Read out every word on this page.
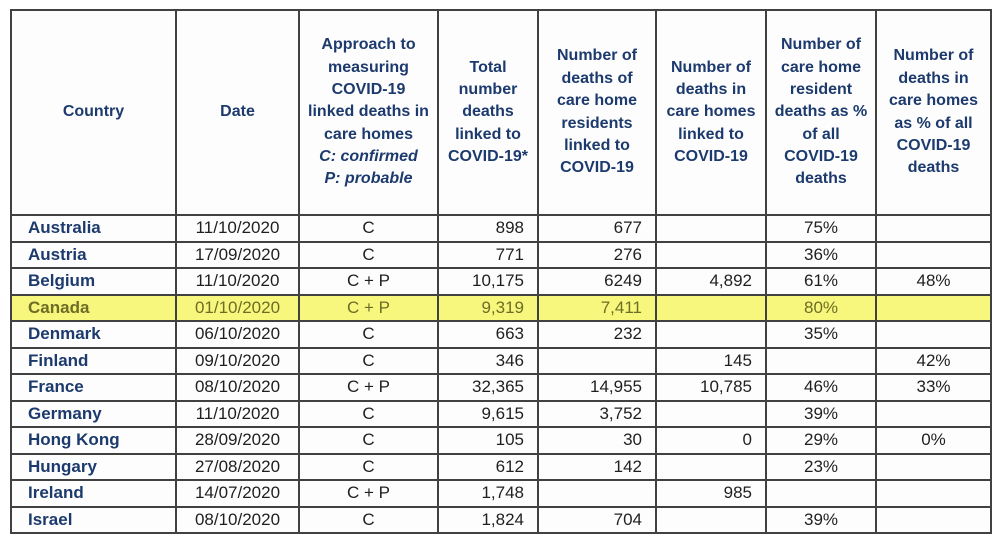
Country	Date	Approach to measuring COVID-19 linked deaths in care homes
C: confirmed
P: probable	Total number deaths linked to COVID-19*	Number of deaths of care home residents linked to COVID-19	Number of deaths in care homes linked to COVID-19	Number of care home resident deaths as % of all COVID-19 deaths	Number of deaths in care homes as % of all COVID-19 deaths
Australia	11/10/2020	C	898	677		75%	
Austria	17/09/2020	C	771	276		36%	
Belgium	11/10/2020	C + P	10,175	6249	4,892	61%	48%
Canada	01/10/2020	C + P	9,319	7,411		80%	
Denmark	06/10/2020	C	663	232		35%	
Finland	09/10/2020	C	346		145		42%
France	08/10/2020	C + P	32,365	14,955	10,785	46%	33%
Germany	11/10/2020	C	9,615	3,752		39%	
Hong Kong	28/09/2020	C	105	30	0	29%	0%
Hungary	27/08/2020	C	612	142		23%	
Ireland	14/07/2020	C + P	1,748		985		
Israel	08/10/2020	C	1,824	704		39%	
